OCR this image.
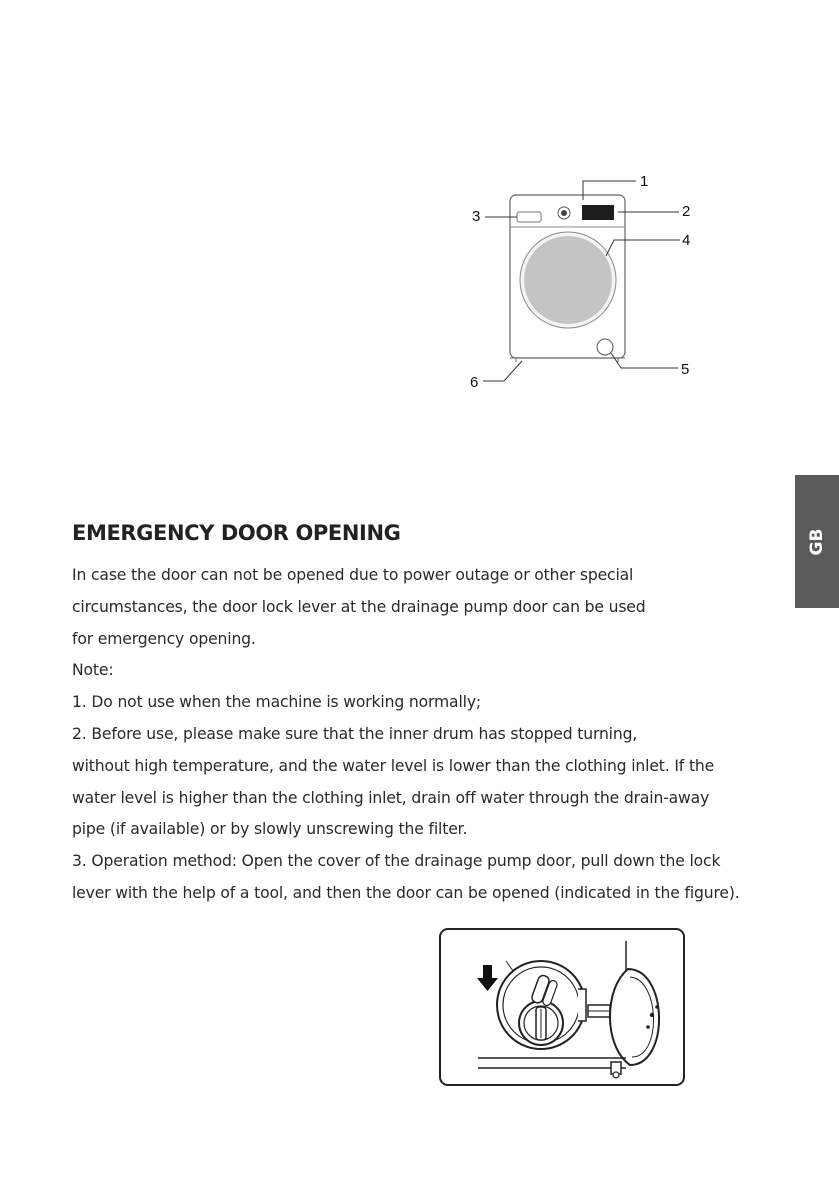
1
2
3
4
5
6
GB
EMERGENCY DOOR OPENING

In case the door can not be opened due to power outage or other special

circumstances, the door lock lever at the drainage pump door can be used

for emergency opening.

Note:

1. Do not use when the machine is working normally;

2. Before use, please make sure that the inner drum has stopped turning,

without high temperature, and the water level is lower than the clothing inlet. If the

water level is higher than the clothing inlet, drain off water through the drain-away

pipe (if available) or by slowly unscrewing the filter.

3. Operation method: Open the cover of the drainage pump door, pull down the lock

lever with the help of a tool, and then the door can be opened (indicated in the figure).
